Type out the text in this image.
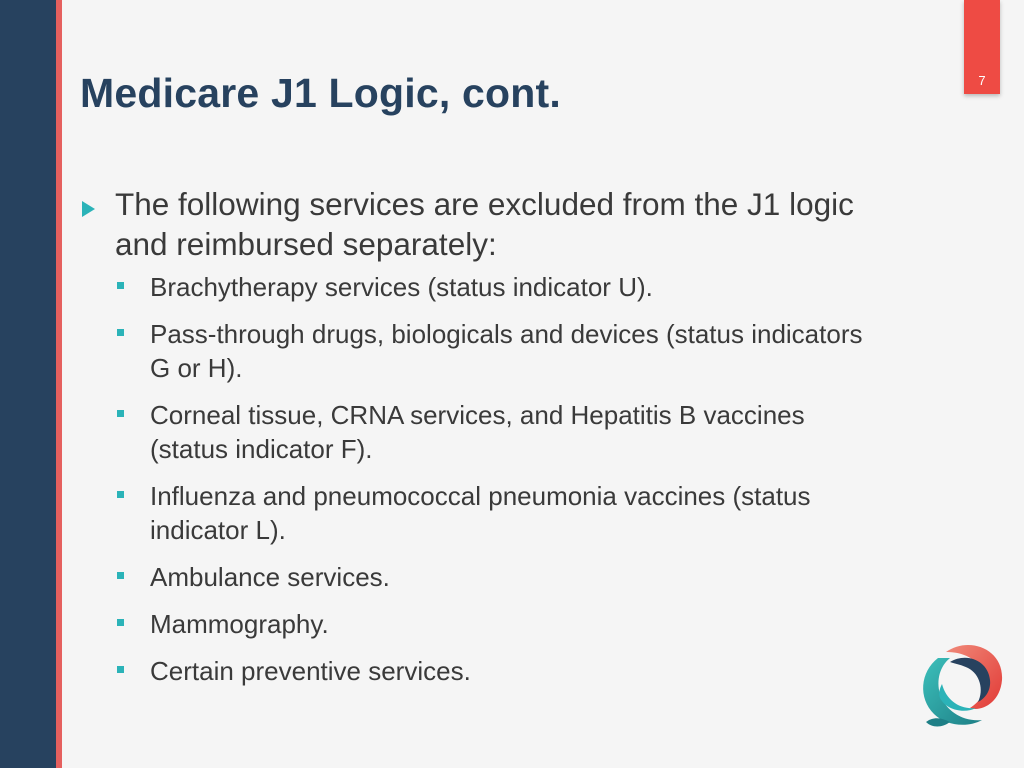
7
Medicare J1 Logic, cont.
The following services are excluded from the J1 logic and reimbursed separately:
Brachytherapy services (status indicator U).
Pass-through drugs, biologicals and devices (status indicators G or H).
Corneal tissue, CRNA services, and Hepatitis B vaccines (status indicator F).
Influenza and pneumococcal pneumonia vaccines (status indicator L).
Ambulance services.
Mammography.
Certain preventive services.
